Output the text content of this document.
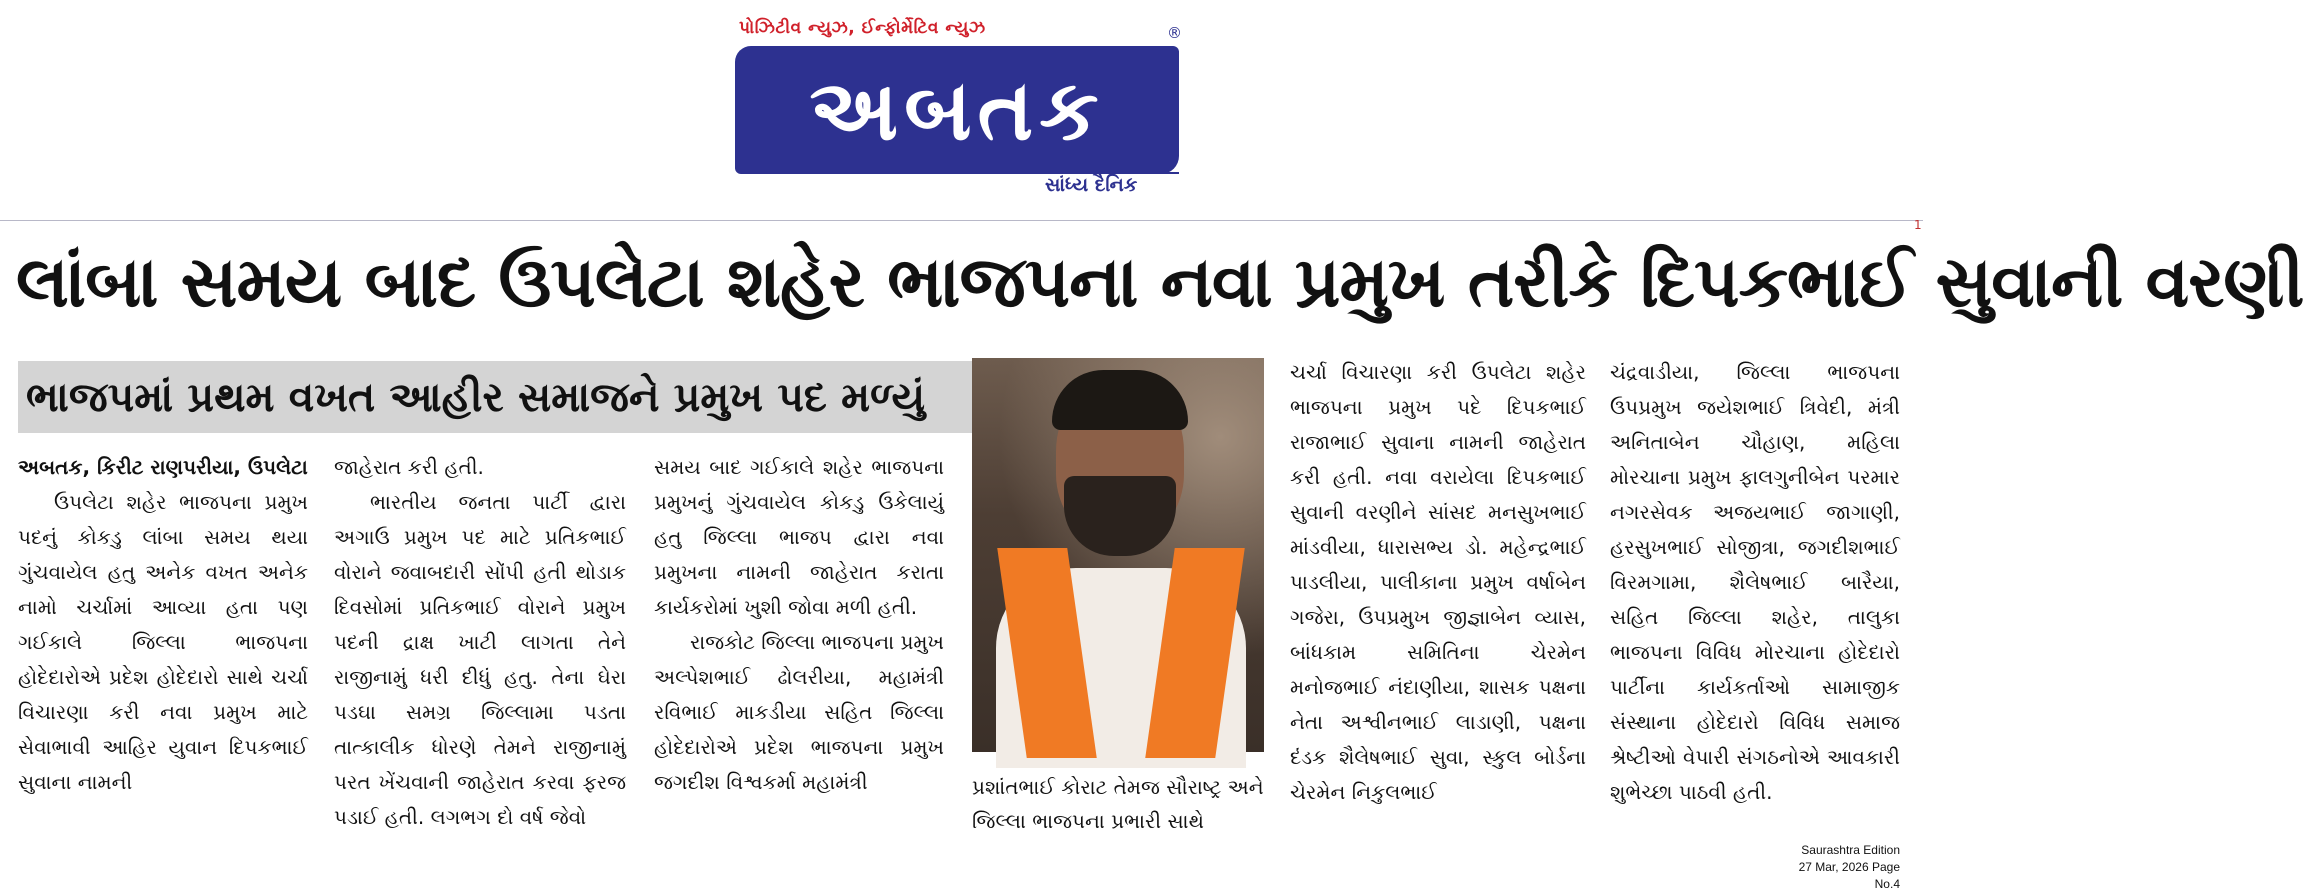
પોઝિટીવ ન્યુઝ, ઈન્ફોર્મેટિવ ન્યુઝ	®
અબતક
સાંધ્ય દૈનિક
1
લાંબા સમય બાદ ઉપલેટા શહેર ભાજપના નવા પ્રમુખ તરીકે દિપકભાઈ સુવાની વરણી
ભાજપમાં પ્રથમ વખત આહીર સમાજને પ્રમુખ પદ મળ્યું

અબતક, કિરીટ રાણપરીયા, ઉપલેટા

ઉપલેટા શહેર ભાજપના પ્રમુખ પદનું કોકડુ લાંબા સમય થયા ગુંચવાયેલ હતુ અનેક વખત અનેક નામો ચર્ચામાં આવ્યા હતા પણ ગઈકાલે જિલ્લા ભાજપના હોદેદારોએ પ્રદેશ હોદેદારો સાથે ચર્ચા વિચારણા કરી નવા પ્રમુખ માટે સેવાભાવી આહિર યુવાન દિપકભાઈ સુવાના નામની

જાહેરાત કરી હતી.

ભારતીય જનતા પાર્ટી દ્વારા અગાઉ પ્રમુખ પદ માટે પ્રતિકભાઈ વોરાને જવાબદારી સોંપી હતી થોડાક દિવસોમાં પ્રતિકભાઈ વોરાને પ્રમુખ પદની દ્રાક્ષ ખાટી લાગતા તેને રાજીનામું ધરી દીધું હતુ. તેના ઘેરા પડઘા સમગ્ર જિલ્લામા પડતા તાત્કાલીક ધોરણે તેમને રાજીનામું પરત ખેંચવાની જાહેરાત કરવા ફરજ પડાઈ હતી. લગભગ દો વર્ષ જેવો

સમય બાદ ગઈકાલે શહેર ભાજપના પ્રમુખનું ગુંચવાયેલ કોકડુ ઉકેલાયું હતુ જિલ્લા ભાજપ દ્વારા નવા પ્રમુખના નામની જાહેરાત કરાતા કાર્યકરોમાં ખુશી જોવા મળી હતી.

રાજકોટ જિલ્લા ભાજપના પ્રમુખ અલ્પેશભાઈ ઢોલરીયા, મહામંત્રી રવિભાઈ માકડીયા સહિત જિલ્લા હોદેદારોએ પ્રદેશ ભાજપના પ્રમુખ જગદીશ વિશ્વકર્મા મહામંત્રી	પ્રશાંતભાઈ કોરાટ તેમજ સૌરાષ્ટ્ર અને જિલ્લા ભાજપના પ્રભારી સાથે

ચર્ચા વિચારણા કરી ઉપલેટા શહેર ભાજપના પ્રમુખ પદે દિપકભાઈ રાજાભાઈ સુવાના નામની જાહેરાત કરી હતી. નવા વરાયેલા દિપકભાઈ સુવાની વરણીને સાંસદ મનસુખભાઈ માંડવીયા, ધારાસભ્ય ડો. મહેન્દ્રભાઈ પાડલીયા, પાલીકાના પ્રમુખ વર્ષાબેન ગજેરા, ઉપપ્રમુખ જીજ્ઞાબેન વ્યાસ, બાંધકામ સમિતિના ચેરમેન મનોજભાઈ નંદાણીયા, શાસક પક્ષના નેતા અશ્વીનભાઈ લાડાણી, પક્ષના દંડક શૈલેષભાઈ સુવા, સ્કુલ બોર્ડના ચેરમેન નિકુલભાઈ

ચંદ્રવાડીયા, જિલ્લા ભાજપના ઉપપ્રમુખ જયેશભાઈ ત્રિવેદી, મંત્રી અનિતાબેન ચૌહાણ, મહિલા મોરચાના પ્રમુખ ફાલગુનીબેન પરમાર નગરસેવક અજયભાઈ જાગાણી, હરસુખભાઈ સોજીત્રા, જગદીશભાઈ વિરમગામા, શૈલેષભાઈ બારૈયા, સહિત જિલ્લા શહેર, તાલુકા ભાજપના વિવિધ મોરચાના હોદેદારો પાર્ટીના કાર્યકર્તાઓ સામાજીક સંસ્થાના હોદેદારો વિવિધ સમાજ શ્રેષ્ટીઓ વેપારી સંગઠનોએ આવકારી શુભેચ્છા પાઠવી હતી.

Saurashtra Edition
27 Mar, 2026 Page No.4
